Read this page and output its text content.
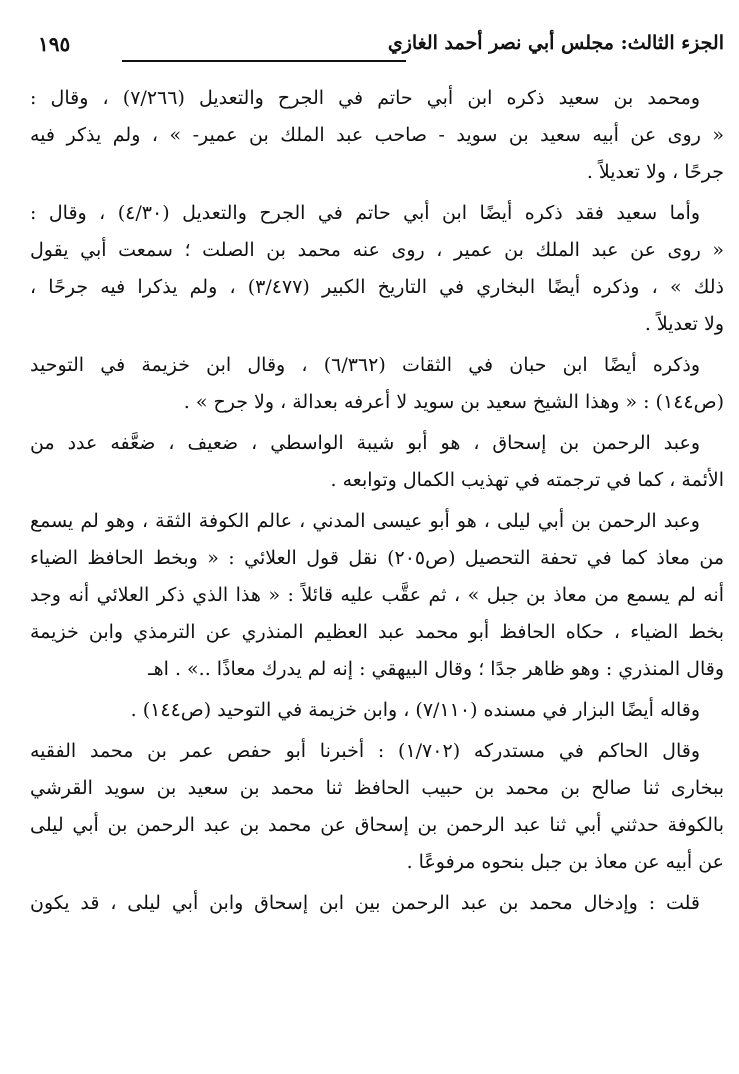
الجزء الثالث: مجلس أبي نصر أحمد الغازي
١٩٥
ومحمد بن سعيد ذكره ابن أبي حاتم في الجرح والتعديل (٧/٢٦٦) ، وقال :
« روى عن أبيه سعيد بن سويد - صاحب عبد الملك بن عمير- » ، ولم يذكر فيه
جرحًا ، ولا تعديلاً .
وأما سعيد فقد ذكره أيضًا ابن أبي حاتم في الجرح والتعديل (٤/٣٠) ، وقال :
« روى عن عبد الملك بن عمير ، روى عنه محمد بن الصلت ؛ سمعت أبي يقول
ذلك » ، وذكره أيضًا البخاري في التاريخ الكبير (٣/٤٧٧) ، ولم يذكرا فيه جرحًا ،
ولا تعديلاً .
وذكره أيضًا ابن حبان في الثقات (٦/٣٦٢) ، وقال ابن خزيمة في التوحيد
(ص١٤٤) : « وهذا الشيخ سعيد بن سويد لا أعرفه بعدالة ، ولا جرح » .
وعبد الرحمن بن إسحاق ، هو أبو شيبة الواسطي ، ضعيف ، ضعَّفه عدد من
الأئمة ، كما في ترجمته في تهذيب الكمال وتوابعه .
وعبد الرحمن بن أبي ليلى ، هو أبو عيسى المدني ، عالم الكوفة الثقة ، وهو لم يسمع
من معاذ كما في تحفة التحصيل (ص٢٠٥) نقل قول العلائي : « وبخط الحافظ الضياء
أنه لم يسمع من معاذ بن جبل » ، ثم عقَّب عليه قائلاً : « هذا الذي ذكر العلائي أنه وجد
بخط الضياء ، حكاه الحافظ أبو محمد عبد العظيم المنذري عن الترمذي وابن خزيمة
وقال المنذري : وهو ظاهر جدًا ؛ وقال البيهقي : إنه لم يدرك معاذًا ..» . اهـ
وقاله أيضًا البزار في مسنده (٧/١١٠) ، وابن خزيمة في التوحيد (ص١٤٤) .
وقال الحاكم في مستدركه (١/٧٠٢) : أخبرنا أبو حفص عمر بن محمد الفقيه
ببخارى ثنا صالح بن محمد بن حبيب الحافظ ثنا محمد بن سعيد بن سويد القرشي
بالكوفة حدثني أبي ثنا عبد الرحمن بن إسحاق عن محمد بن عبد الرحمن بن أبي ليلى
عن أبيه عن معاذ بن جبل بنحوه مرفوعًا .
قلت : وإدخال محمد بن عبد الرحمن بين ابن إسحاق وابن أبي ليلى ، قد يكون
